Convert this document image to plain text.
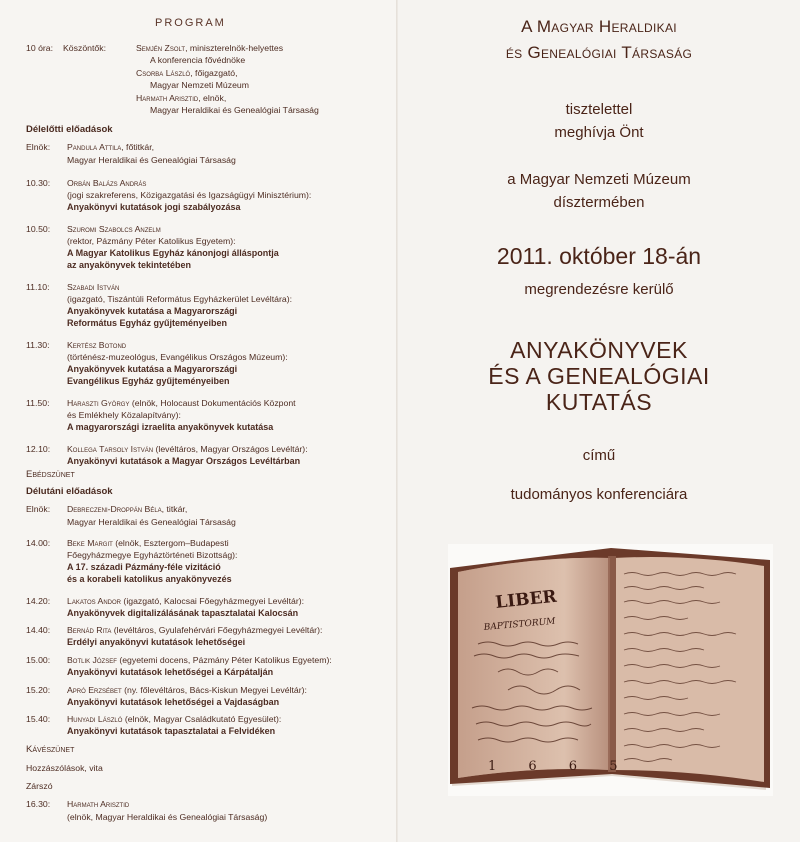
PROGRAM
10 óra: Köszöntők:	Semjén Zsolt, miniszterelnök-helyettes
A konferencia fővédnöke
Csorba László, főigazgató,
Magyar Nemzeti Múzeum
Harmath Arisztid, elnök,
Magyar Heraldikai és Genealógiai Társaság
Délelőtti előadások
Elnök: Pandula Attila, főtitkár,
Magyar Heraldikai és Genealógiai Társaság
10.30: Orbán Balázs András
(jogi szakreferens, Közigazgatási és Igazságügyi Minisztérium):
Anyakönyvi kutatások jogi szabályozása
10.50: Szuromi Szabolcs Anzelm
(rektor, Pázmány Péter Katolikus Egyetem):
A Magyar Katolikus Egyház kánonjogi álláspontja
az anyakönyvek tekintetében
11.10: Szabadi István
(igazgató, Tiszántúli Református Egyházkerület Levéltára):
Anyakönyvek kutatása a Magyarországi
Református Egyház gyűjteményeiben
11.30: Kertész Botond
(történész-muzeológus, Evangélikus Országos Múzeum):
Anyakönyvek kutatása a Magyarországi
Evangélikus Egyház gyűjteményeiben
11.50: Haraszti György (elnök, Holocaust Dokumentációs Központ
és Emlékhely Közalapítvány):
A magyarországi izraelita anyakönyvek kutatása
12.10: Kollega Tarsoly István (levéltáros, Magyar Országos Levéltár):
Anyakönyvi kutatások a Magyar Országos Levéltárban
Ebédszünet
Délutáni előadások
Elnök: Debreczeni-Droppán Béla, titkár,
Magyar Heraldikai és Genealógiai Társaság
14.00: Beke Margit (elnök, Esztergom–Budapesti
Főegyházmegye Egyháztörténeti Bizottság):
A 17. századi Pázmány-féle vizitáció
és a korabeli katolikus anyakönyvezés
14.20: Lakatos Andor (igazgató, Kalocsai Főegyházmegyei Levéltár):
Anyakönyvek digitalizálásának tapasztalatai Kalocsán
14.40: Bernád Rita (levéltáros, Gyulafehérvári Főegyházmegyei Levéltár):
Erdélyi anyakönyvi kutatások lehetőségei
15.00: Botlik József (egyetemi docens, Pázmány Péter Katolikus Egyetem):
Anyakönyvi kutatások lehetőségei a Kárpátalján
15.20: Apró Erzsébet (ny. főlevéltáros, Bács-Kiskun Megyei Levéltár):
Anyakönyvi kutatások lehetőségei a Vajdaságban
15.40: Hunyadi László (elnök, Magyar Családkutató Egyesület):
Anyakönyvi kutatások tapasztalatai a Felvidéken
Kávészünet
Hozzászólások, vita
Zárszó
16.30: Harmath Arisztid
(elnök, Magyar Heraldikai és Genealógiai Társaság)
A Magyar Heraldikai
és Genealógiai Társaság
tisztelettel
meghívja Önt
a Magyar Nemzeti Múzeum
dísztermében
2011. október 18-án
megrendezésre kerülő
ANYAKÖNYVEK
ÉS A GENEALÓGIAI
KUTATÁS
című
tudományos konferenciára
LIBER
BAPTISTORUM
1 6 6 5
